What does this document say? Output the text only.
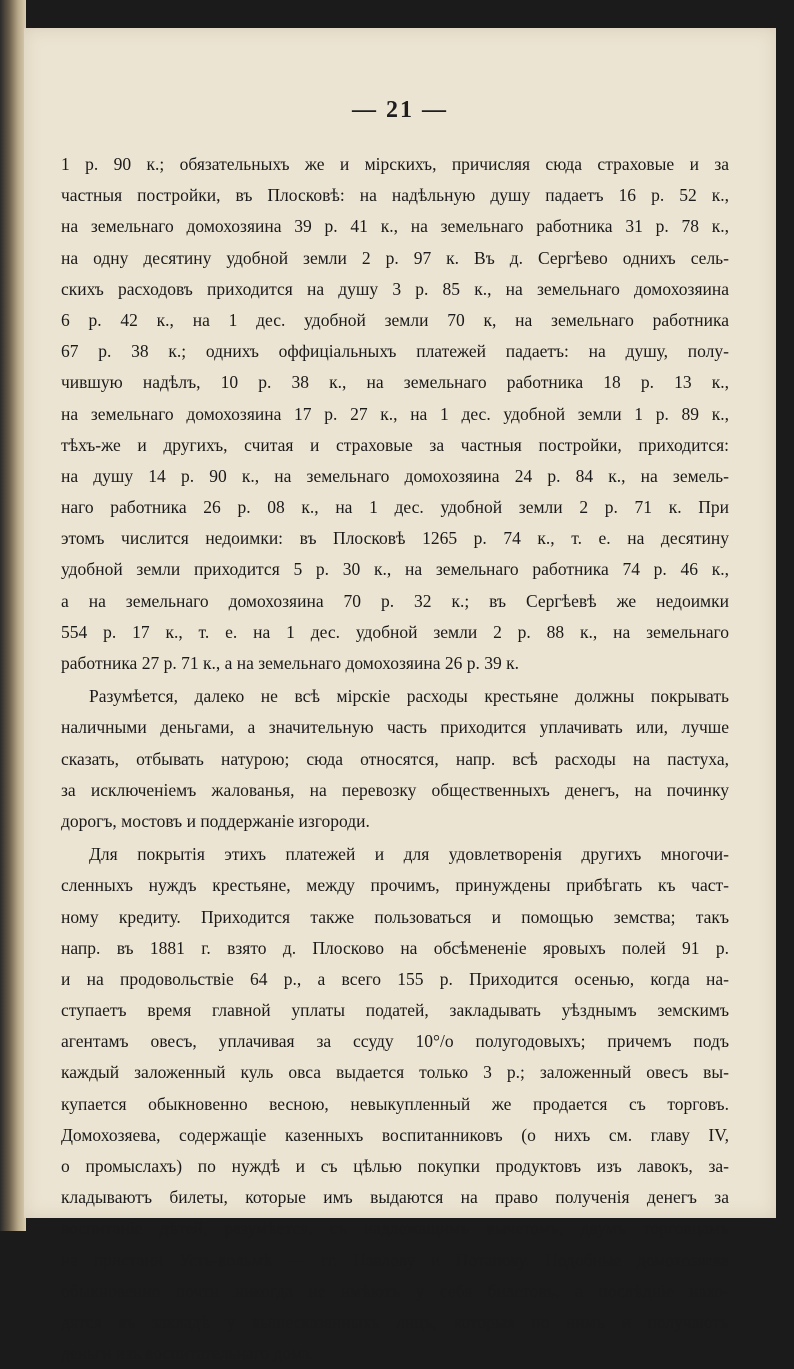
— 21 —
1 р. 90 к.; обязательныхъ же и мірскихъ, причисляя сюда страховые и за
частныя постройки, въ Плосковѣ: на надѣльную душу падаетъ 16 р. 52 к.,
на земельнаго домохозяина 39 р. 41 к., на земельнаго работника 31 р. 78 к.,
на одну десятину удобной земли 2 р. 97 к. Въ д. Сергѣево однихъ сель-
скихъ расходовъ приходится на душу 3 р. 85 к., на земельнаго домохозяина
6 р. 42 к., на 1 дес. удобной земли 70 к, на земельнаго работника
67 р. 38 к.; однихъ оффиціальныхъ платежей падаетъ: на душу, полу-
чившую надѣлъ, 10 р. 38 к., на земельнаго работника 18 р. 13 к.,
на земельнаго домохозяина 17 р. 27 к., на 1 дес. удобной земли 1 р. 89 к.,
тѣхъ-же и другихъ, считая и страховые за частныя постройки, приходится:
на душу 14 р. 90 к., на земельнаго домохозяина 24 р. 84 к., на земель-
наго работника 26 р. 08 к., на 1 дес. удобной земли 2 р. 71 к. При
этомъ числится недоимки: въ Плосковѣ 1265 р. 74 к., т. е. на десятину
удобной земли приходится 5 р. 30 к., на земельнаго работника 74 р. 46 к.,
а на земельнаго домохозяина 70 р. 32 к.; въ Сергѣевѣ же недоимки
554 р. 17 к., т. е. на 1 дес. удобной земли 2 р. 88 к., на земельнаго
работника 27 р. 71 к., а на земельнаго домохозяина 26 р. 39 к.
Разумѣется, далеко не всѣ мірскіе расходы крестьяне должны покрывать
наличными деньгами, а значительную часть приходится уплачивать или, лучше
сказать, отбывать натурою; сюда относятся, напр. всѣ расходы на пастуха,
за исключеніемъ жалованья, на перевозку общественныхъ денегъ, на починку
дорогъ, мостовъ и поддержаніе изгороди.
Для покрытія этихъ платежей и для удовлетворенія другихъ многочи-
сленныхъ нуждъ крестьяне, между прочимъ, принуждены прибѣгать къ част-
ному кредиту. Приходится также пользоваться и помощью земства; такъ
напр. въ 1881 г. взято д. Плосково на обсѣмененіе яровыхъ полей 91 р.
и на продовольствіе 64 р., а всего 155 р. Приходится осенью, когда на-
ступаетъ время главной уплаты податей, закладывать уѣзднымъ земскимъ
агентамъ овесъ, уплачивая за ссуду 10°/о полугодовыхъ; причемъ подъ
каждый заложенный куль овса выдается только 3 р.; заложенный овесъ вы-
купается обыкновенно весною, невыкупленный же продается съ торговъ.
Домохозяева, содержащіе казенныхъ воспитанниковъ (о нихъ см. главу IV,
о промыслахъ) по нуждѣ и съ цѣлью покупки продуктовъ изъ лавокъ, за-
кладываютъ билеты, которые имъ выдаются на право полученія денегъ за
воспитаніе дѣтей, разумѣется, съ надлежащимъ вычетомъ, двумъ торговцамъ
на пристани Усть-вольмѣ — гг. Павлову и Потапову. Подобные домохозяева
обыкновенно почти никогда не имѣютъ у себя билетовъ, а послѣдніе нахо-
дятся въ закладѣ у вышесказанныхъ лицъ, которыя по нимъ и получаютъ
деньги изъ воспитательнаго дома.
